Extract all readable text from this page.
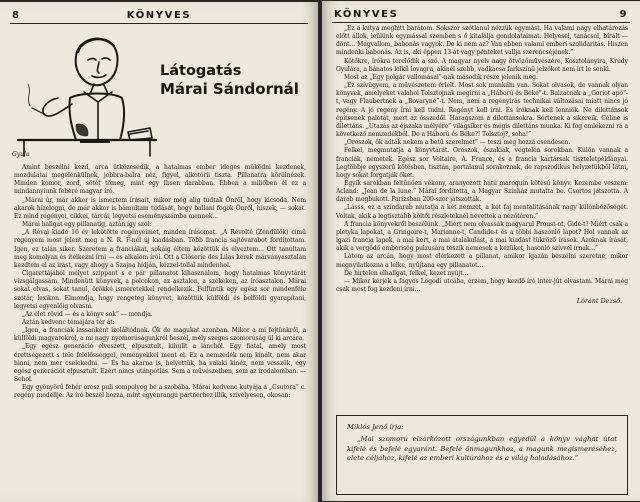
8	KÖNYVES
Gyula
Látogatás
Márai Sándornál

Amint beszélni kezd, arca ütközesédik, a hatalmas ember ideges működni kezdenek, mozdulatai megélénkülnek, jobbra-balra néz, figyel, alkotórii tiszta. Pillanatra körülnézek. Minden komor, zord, sötét tömeg, mint egy Ibsen darabban. Ebben a miliőben él ez a mindannyiunk fehéré magyar író.

„Márai úr, már akkor is ismertem írásait, mikor még alig tudtak Önről, hogy kicsoda. Nem akarok hízelegni, de már akkor is bámultam tudását, hogy ballani fogok Önről, hiszek, — sokat. Ez mind regényei, cikkei, tárcái, legyetsi eseményszámba mennek...

Márai hallgat egy pillanatig, aztán így szól:

„A Révai kiadó 16 év lekötötte regényeimet, minden írásomat. „A Révolté (Zendülők) című regényem most jelent meg a N. R. F-nél új kiadásban. Több francia sajtóvarabot fordítottam. Igen, ez talán siker. Szeretem a franciákat, sokáig éltem közöttük és élveztem... Ott tanultam meg komolyan és ítélkezni írni — és alkalom írói. Ott a Clöserie des Lilas kerek márványasztalán kezdtem el az írást, vagy ahogy a Szajna hídján, kézzel-tollal mindenhol.

Cigarettájából mélyet szippant s e pár pillanatot kihasználom, hogy hatalmas könyvtárát vizsgálgassam. Mindenütt könyvek, a polcokon, az asztalon, a székeken, az íróasztalon. Márai sokat olvas, sokat tanul, örökké ismeretekkel rendelkezik. Felfüntik egy egész sor mindenféle szótár, lexikon. Elmondja, hogy rengeteg könyvet, közöttük külföldi és belföldi gyarapítani, legyetsi egyenlőig olvasni.

„Az élet rövid — és a könyv sok” — mondja.

Aztán kedvenc témájára tér át:

„Igen, a franciák lassanként izoláltódnak. Ők de magukat azonban. Mikor a mi fejtünkről, a külföldi magyarokról, a mi nagy nyomorúságunkról beszél, mély szeges szomorúság ül ki arcára.

„Egy egész generáció elveszett, elpusztult, kihullt a láncból. Egy fiatal, amely most érettségezett s tele felelősséggel, reményekkel ment el. Ez a nemzedék nem kínált, nem akar hinni, nem mer cselekedni. — És ha akarna is, helyettük, ha valaki kinéz, nem vesszük, egy egész generációt elpusztult. Ezért nincs utánpótlás. Sem a művészetben, sem az irodalomban. — Sehol.

Egy gyönyörű fehér orosz puli sompolyog be a szobába. Márai kedvenc kutyája a „Csutora” c. regény modellje. Az író beszél hozzá, mint egyenrangú partnerhez illik, szívélyesen, okosan:

KÖNYVES	9

„Ez a kutya meghitt barátom. Sokszor szótlanul nézzük egymást. Ha valami nagy elhatározás előtt állok, leülünk egymással szemben s ő kitalálja gondolataimat. Helyesel, tanácsol, bírált — dönt... Megvallom, babonás vagyok. De ki nem az? Van ebben valami emberi szolidaritás. Hiszen mindenki babonás. Az is, aki éppen 13-át vagy pénteket vallja szerencséjének.”

Kötőkre, írókra terelődik a szó. A magyar nyelv nagy ötvözőművészére, Kosztolányira, Krúdy Gyulára, a bánatos lelkű lovagra, akinél szebb, vadkacsa farkszínű jelzőket nem írt le senki.

Most az „Egy polgár vallomásai”-nak második része jelenik meg.

„Ez szívügyem, a művészetem érlelt. Most sok munkám van. Sokat olvasok, de vannak olyan könyvek, amelyeket valahol Tolsztojnak megírni a „Háború és Béke”-t. Balzacnak a „Goriot apó”-t, vagy Flaubertnek a „Bovaryné”-t. Nem, nem a regényírás technikai változásai miatt nincs jó regény. A jó regény írni kell tudni. Regényt kell írni. És íróknak kell lenniök. Ne dilettánsok építsenek palotát, mert az összedől. Haragszom a dilettánsokra. Sértenek a sikereik. Céline is dilettáns. „Utazás az éjszaka mélyére” világsiker és mégis dilettáns munka. Ki fog emlékezni rá a következő nemzedékből. De a Háború és Béke?! Tolsztoj?, soha!”

„Oroszok, ők adták nekem a betű szerelmét” — teszi még hozzá csendesen.

Felkel, megmutatja a könyvtárát. Oroszok, északiak, végtelen sorokban. Külön vannak a franciák, németek. Egész sor Voltaire, A. France, és a francia kartársak tiszteletpéldányai. Legtöbbje egyszerű kötésben, tisztán, portalanul sorakoznak, de rapszodikus helyzetükből látni, hogy sokat forgatják őket.

Egyik sarokban feltűnően vékony, aranyozott hátú maroquin kötésű könyv. Kezembe veszem: Acland: „Jean de la lune.” Márai fordította, a Magyar Színház mutatta be. Csortos játszotta. A darab megbukott. Párizsban 200-szor játszották.

„Lásss, ez a színdarab mutatja a két nemzet, a két faj mentalitásának nagy különbözőségét. Voltak, akik a legtisztább költői részleteknél nevettek a nézőtéren.”

A francia könyvekről beszélünk. „Miért nem olvassák magyarul Proust-ot, Gidé-t? Miért csak a pletyka lapokat, a Gringoire-t, Marianne-t, Candide-t és a többi haszonlő lapot? Hol vannak az igazi francia lapok, a mai kort, a mai átalakulást, a mai kiadást tükröző írások. Azoknak írását, akik a vergődő emberiség pulzusára teszik nemesek a kezüket, hasonló szívvel írnak...”

Látom az arcán, hogy most elérkezett a pillanat, amikor igazán beszélni szeretne, mikor megnyilatkozna a lelke, nyújtana egy pillanatot...

De hirtelen elhallgat, felkel, kezet nyújt...

— Mikor kérjek a fagyos Logodi utcába, érzem, hogy kezdő író inter-jút olvastam. Márai még csak most fog kezdeni írni...

Lóránt Dezső.
Miklós Jenő írja:

„Mai szomorú elzárkózott országunkban egyedül a könyv vághat útat kifelé és befelé egyaránt. Befelé önmagunkhoz, a magunk megismeréséhez, elete céljához, kifelé az emberi kultúrához és a világ haladásához.”
